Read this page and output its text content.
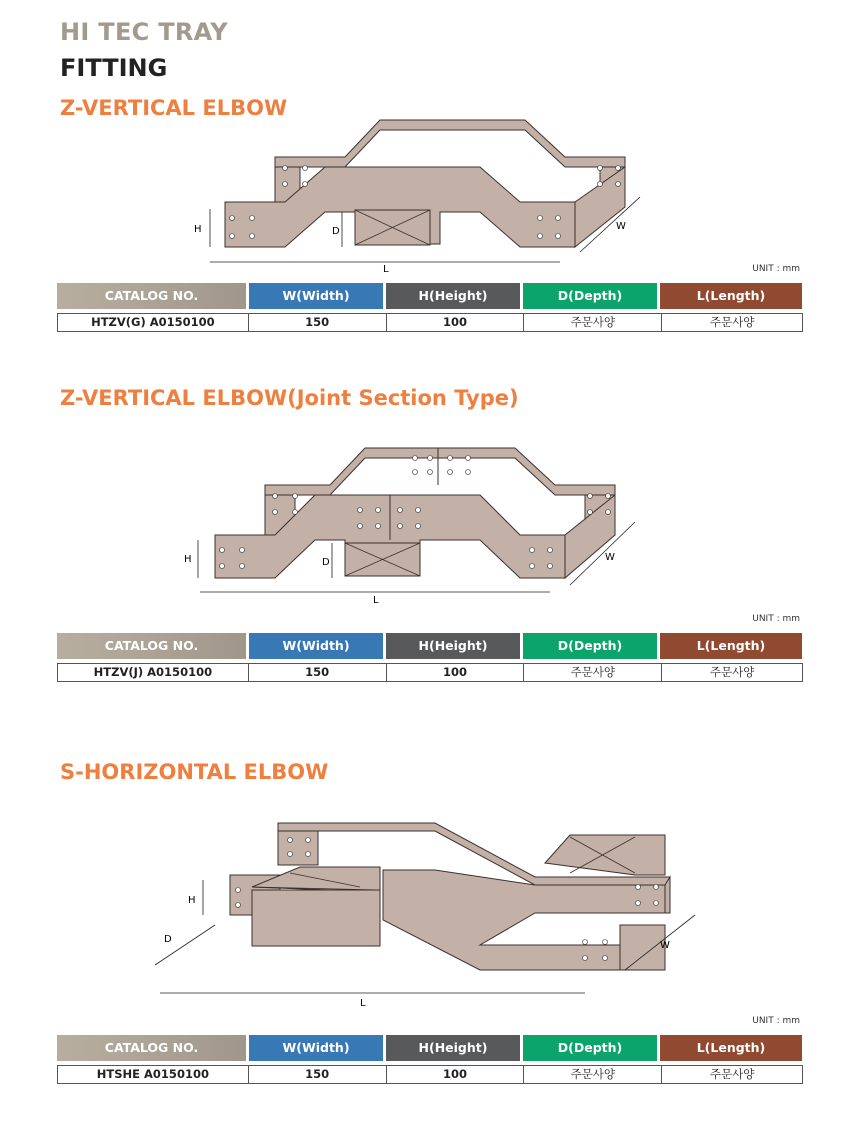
HI TEC TRAY
FITTING
Z-VERTICAL ELBOW
H	D
L
W
UNIT : mm
CATALOG NO.	W(Width)	H(Height)	D(Depth)	L(Length)
HTZV(G) A0150100	150	100	주문사양	주문사양
Z-VERTICAL ELBOW(Joint Section Type)
H	D
L
W
UNIT : mm
CATALOG NO.	W(Width)	H(Height)	D(Depth)	L(Length)
HTZV(J) A0150100	150	100	주문사양	주문사양
S-HORIZONTAL ELBOW
H
D
L
W
UNIT : mm
CATALOG NO.	W(Width)	H(Height)	D(Depth)	L(Length)
HTSHE A0150100	150	100	주문사양	주문사양
